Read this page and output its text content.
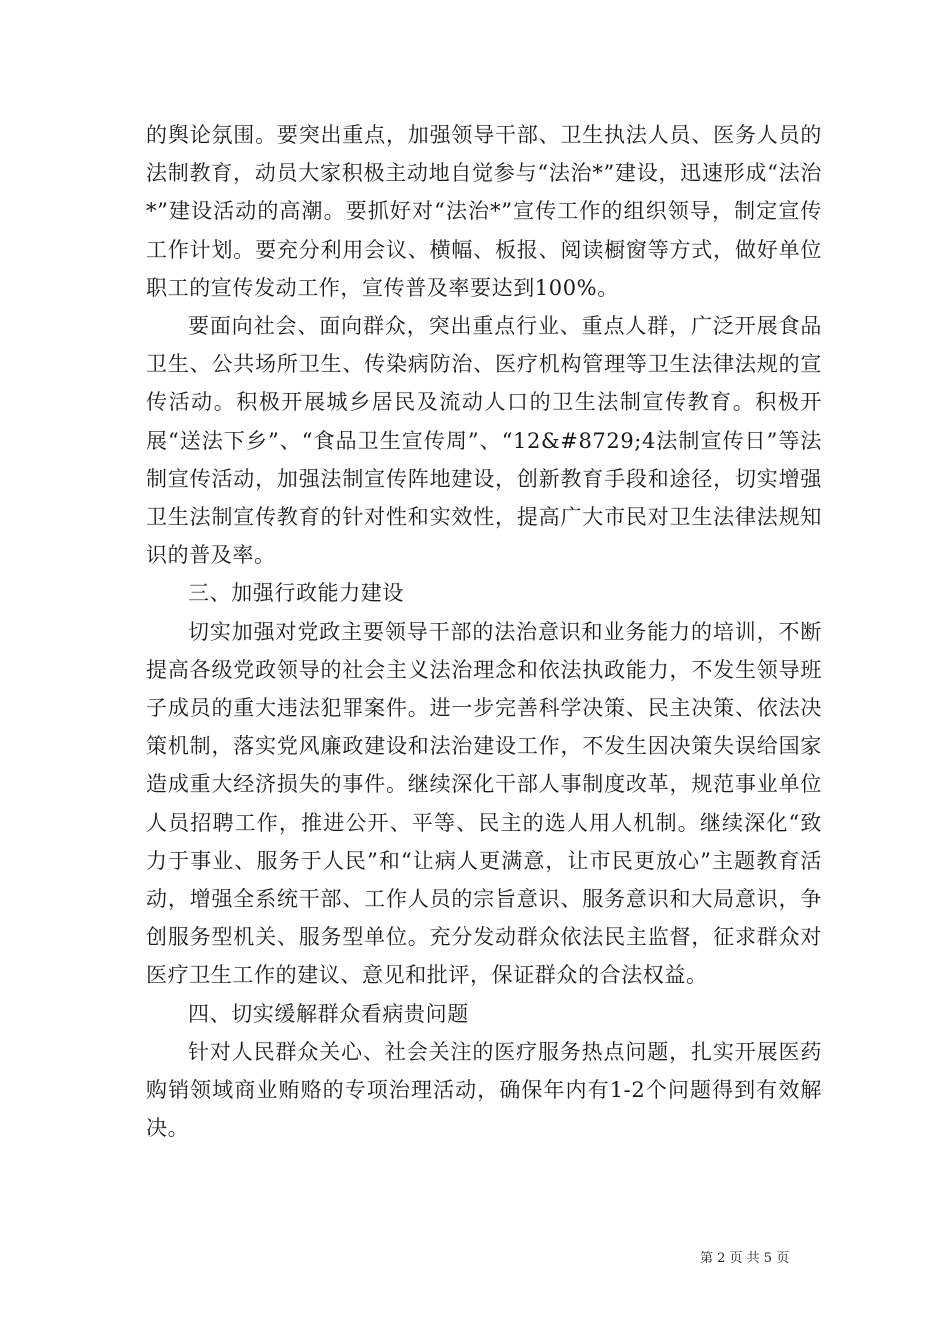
的舆论氛围。要突出重点，加强领导干部、卫生执法人员、医务人员的法制教育，动员大家积极主动地自觉参与“法治*”建设，迅速形成“法治*”建设活动的高潮。要抓好对“法治*”宣传工作的组织领导，制定宣传工作计划。要充分利用会议、横幅、板报、阅读橱窗等方式，做好单位职工的宣传发动工作，宣传普及率要达到100%。

要面向社会、面向群众，突出重点行业、重点人群，广泛开展食品卫生、公共场所卫生、传染病防治、医疗机构管理等卫生法律法规的宣传活动。积极开展城乡居民及流动人口的卫生法制宣传教育。积极开展“送法下乡”、“食品卫生宣传周”、“12&#8729;4法制宣传日”等法制宣传活动，加强法制宣传阵地建设，创新教育手段和途径，切实增强卫生法制宣传教育的针对性和实效性，提高广大市民对卫生法律法规知识的普及率。

三、加强行政能力建设

切实加强对党政主要领导干部的法治意识和业务能力的培训，不断提高各级党政领导的社会主义法治理念和依法执政能力，不发生领导班子成员的重大违法犯罪案件。进一步完善科学决策、民主决策、依法决策机制，落实党风廉政建设和法治建设工作，不发生因决策失误给国家造成重大经济损失的事件。继续深化干部人事制度改革，规范事业单位人员招聘工作，推进公开、平等、民主的选人用人机制。继续深化“致力于事业、服务于人民”和“让病人更满意，让市民更放心”主题教育活动，增强全系统干部、工作人员的宗旨意识、服务意识和大局意识，争创服务型机关、服务型单位。充分发动群众依法民主监督，征求群众对医疗卫生工作的建议、意见和批评，保证群众的合法权益。

四、切实缓解群众看病贵问题

针对人民群众关心、社会关注的医疗服务热点问题，扎实开展医药购销领域商业贿赂的专项治理活动，确保年内有1-2个问题得到有效解决。

第 2 页 共 5 页
